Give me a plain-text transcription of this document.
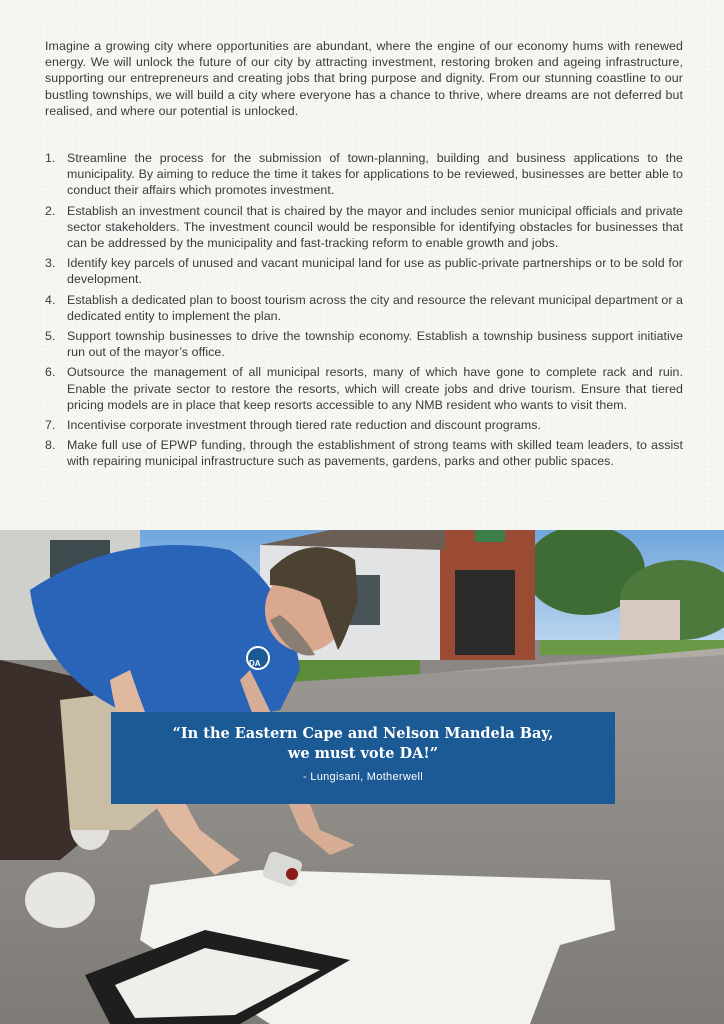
Imagine a growing city where opportunities are abundant, where the engine of our economy hums with renewed energy. We will unlock the future of our city by attracting investment, restoring broken and ageing infrastructure, supporting our entrepreneurs and creating jobs that bring purpose and dignity. From our stunning coastline to our bustling townships, we will build a city where everyone has a chance to thrive, where dreams are not deferred but realised, and where our potential is unlocked.

1. Streamline the process for the submission of town-planning, building and business applications to the municipality. By aiming to reduce the time it takes for applications to be reviewed, businesses are better able to conduct their affairs which promotes investment.
2. Establish an investment council that is chaired by the mayor and includes senior municipal officials and private sector stakeholders. The investment council would be responsible for identifying obstacles for businesses that can be addressed by the municipality and fast-tracking reform to enable growth and jobs.
3. Identify key parcels of unused and vacant municipal land for use as public-private partnerships or to be sold for development.
4. Establish a dedicated plan to boost tourism across the city and resource the relevant municipal department or a dedicated entity to implement the plan.
5. Support township businesses to drive the township economy. Establish a township business support initiative run out of the mayor’s office.
6. Outsource the management of all municipal resorts, many of which have gone to complete rack and ruin. Enable the private sector to restore the resorts, which will create jobs and drive tourism. Ensure that tiered pricing models are in place that keep resorts accessible to any NMB resident who wants to visit them.
7. Incentivise corporate investment through tiered rate reduction and discount programs.
8. Make full use of EPWP funding, through the establishment of strong teams with skilled team leaders, to assist with repairing municipal infrastructure such as pavements, gardens, parks and other public spaces.
DA

“In the Eastern Cape and Nelson Mandela Bay,
we must vote DA!”

- Lungisani, Motherwell
